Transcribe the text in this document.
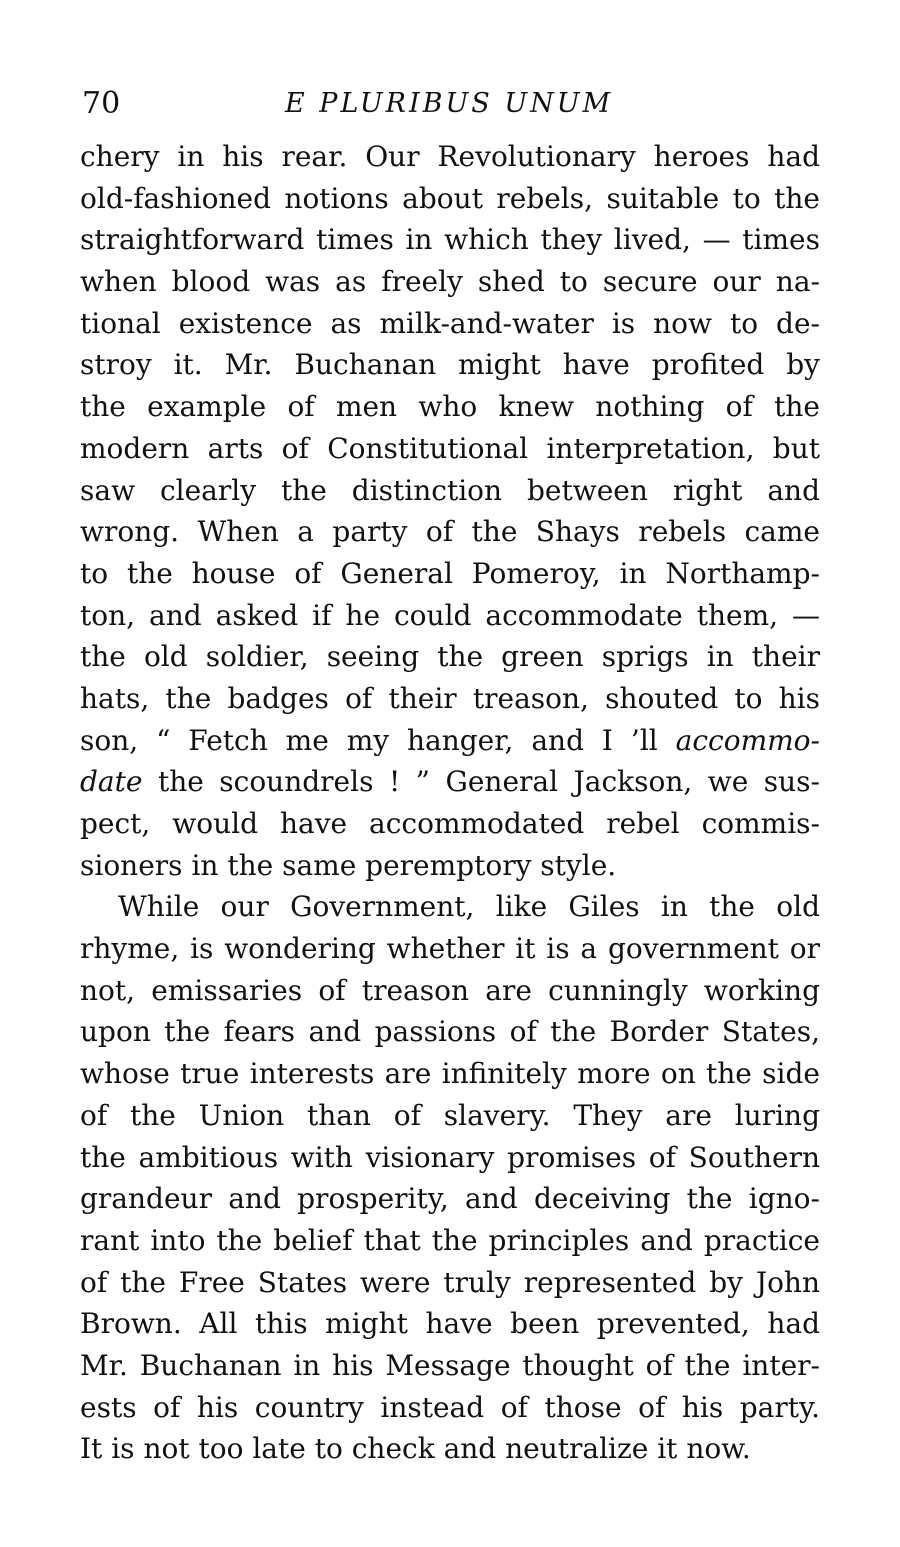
70	E PLURIBUS UNUM
chery in his rear. Our Revolutionary heroes had
old-fashioned notions about rebels, suitable to the
straightforward times in which they lived, — times
when blood was as freely shed to secure our na-
tional existence as milk-and-water is now to de-
stroy it. Mr. Buchanan might have profited by
the example of men who knew nothing of the
modern arts of Constitutional interpretation, but
saw clearly the distinction between right and
wrong. When a party of the Shays rebels came
to the house of General Pomeroy, in Northamp-
ton, and asked if he could accommodate them, —
the old soldier, seeing the green sprigs in their
hats, the badges of their treason, shouted to his
son, “ Fetch me my hanger, and I ’ll accommo-
date the scoundrels ! ” General Jackson, we sus-
pect, would have accommodated rebel commis-
sioners in the same peremptory style.
While our Government, like Giles in the old
rhyme, is wondering whether it is a government or
not, emissaries of treason are cunningly working
upon the fears and passions of the Border States,
whose true interests are infinitely more on the side
of the Union than of slavery. They are luring
the ambitious with visionary promises of Southern
grandeur and prosperity, and deceiving the igno-
rant into the belief that the principles and practice
of the Free States were truly represented by John
Brown. All this might have been prevented, had
Mr. Buchanan in his Message thought of the inter-
ests of his country instead of those of his party.
It is not too late to check and neutralize it now.
